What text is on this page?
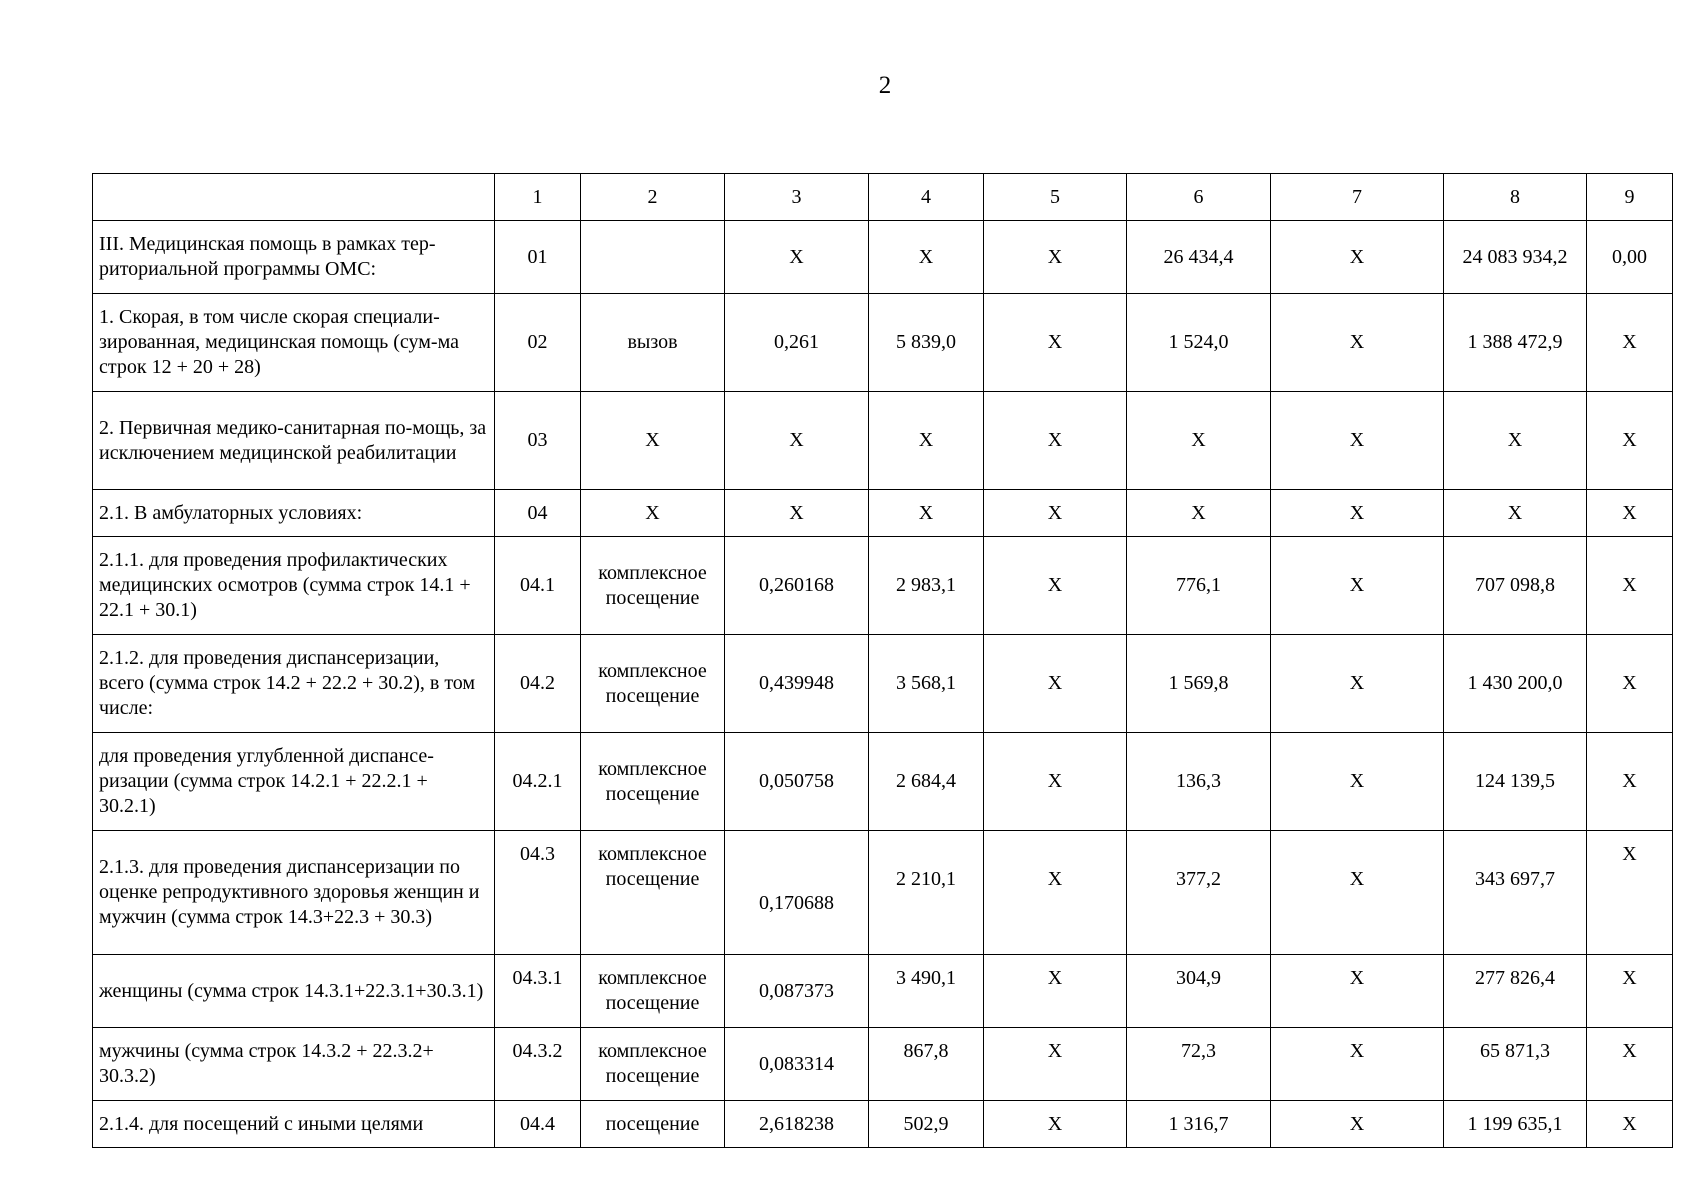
2
	1	2	3	4	5	6	7	8	9
III. Медицинская помощь в рамках тер-риториальной программы ОМС:	01		X	X	X	26 434,4	X	24 083 934,2	0,00
1. Скорая, в том числе скорая специали-зированная, медицинская помощь (сум-ма строк 12 + 20 + 28)	02	вызов	0,261	5 839,0	X	1 524,0	X	1 388 472,9	X
2. Первичная медико-санитарная по-мощь, за исключением медицинской реабилитации	03	X	X	X	X	X	X	X	X
2.1. В амбулаторных условиях:	04	X	X	X	X	X	X	X	X
2.1.1. для проведения профилактических медицинских осмотров (сумма строк 14.1 + 22.1 + 30.1)	04.1	комплексное посещение	0,260168	2 983,1	X	776,1	X	707 098,8	X
2.1.2. для проведения диспансеризации, всего (сумма строк 14.2 + 22.2 + 30.2), в том числе:	04.2	комплексное посещение	0,439948	3 568,1	X	1 569,8	X	1 430 200,0	X
для проведения углубленной диспансе-ризации (сумма строк 14.2.1 + 22.2.1 + 30.2.1)	04.2.1	комплексное посещение	0,050758	2 684,4	X	136,3	X	124 139,5	X
2.1.3. для проведения диспансеризации по оценке репродуктивного здоровья женщин и мужчин (сумма строк 14.3+22.3 + 30.3)	04.3	комплексное посещение	0,170688	2 210,1	X	377,2	X	343 697,7	X
женщины (сумма строк 14.3.1+22.3.1+30.3.1)	04.3.1	комплексное посещение	0,087373	3 490,1	X	304,9	X	277 826,4	X
мужчины (сумма строк 14.3.2 + 22.3.2+ 30.3.2)	04.3.2	комплексное посещение	0,083314	867,8	X	72,3	X	65 871,3	X
2.1.4. для посещений с иными целями	04.4	посещение	2,618238	502,9	X	1 316,7	X	1 199 635,1	X
